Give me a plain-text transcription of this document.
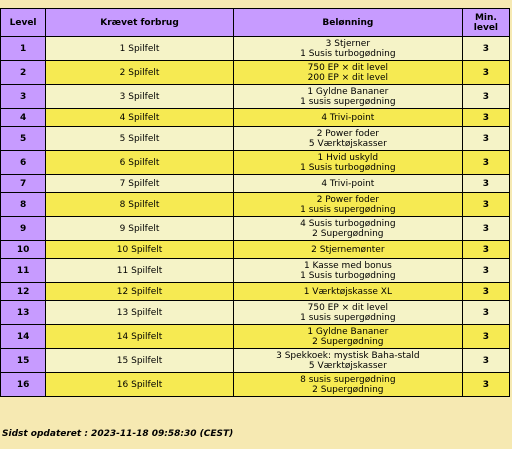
Level	Krævet forbrug	Belønning	Min.
level

1	1 Spilfelt	3 Stjerner
1 Susis turbogødning	3
2	2 Spilfelt	750 EP × dit level
200 EP × dit level	3
3	3 Spilfelt	1 Gyldne Bananer
1 susis supergødning	3
4	4 Spilfelt	4 Trivi-point	3
5	5 Spilfelt	2 Power foder
5 Værktøjskasser	3
6	6 Spilfelt	1 Hvid uskyld
1 Susis turbogødning	3
7	7 Spilfelt	4 Trivi-point	3
8	8 Spilfelt	2 Power foder
1 susis supergødning	3
9	9 Spilfelt	4 Susis turbogødning
2 Supergødning	3
10	10 Spilfelt	2 Stjernemønter	3
11	11 Spilfelt	1 Kasse med bonus
1 Susis turbogødning	3
12	12 Spilfelt	1 Værktøjskasse XL	3
13	13 Spilfelt	750 EP × dit level
1 susis supergødning	3
14	14 Spilfelt	1 Gyldne Bananer
2 Supergødning	3
15	15 Spilfelt	3 Spekkoek: mystisk Baha-stald
5 Værktøjskasser	3
16	16 Spilfelt	8 susis supergødning
2 Supergødning	3
Sidst opdateret : 2023-11-18 09:58:30 (CEST)
